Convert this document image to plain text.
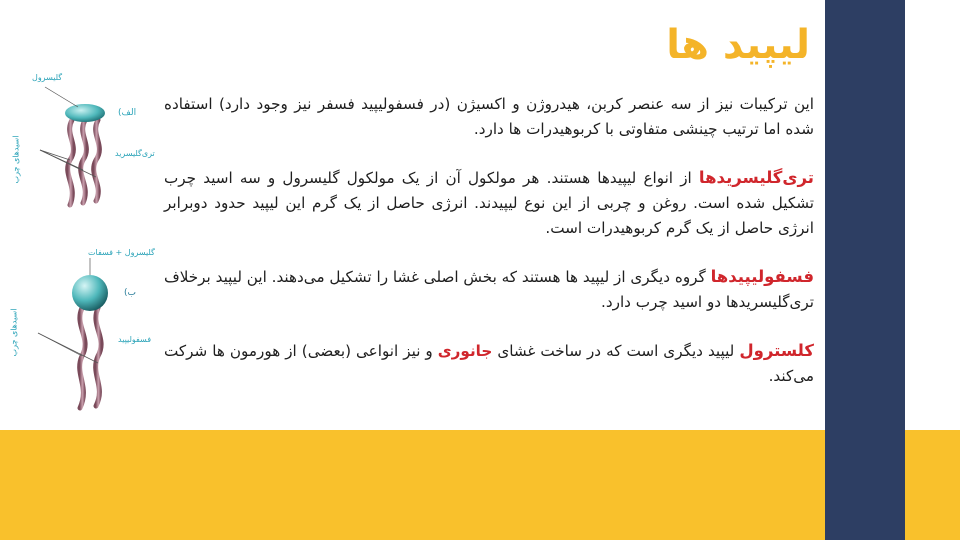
لیپید ها

این ترکیبات نیز از سه عنصر کربن، هیدروژن و اکسیژن (در فسفولیپید فسفر نیز وجود دارد) استفاده شده اما ترتیب چینشی متفاوتی با کربوهیدرات ها دارد.

تری‌گلیسریدها از انواع لیپیدها هستند. هر مولکول آن از یک مولکول گلیسرول و سه اسید چرب تشکیل شده است. روغن و چربی از این نوع لیپیدند. انرژی حاصل از یک گرم این لیپید حدود دوبرابر انرژی حاصل از یک گرم کربوهیدرات است.

فسفولیپیدها گروه دیگری از لیپید ها هستند که بخش اصلی غشا را تشکیل می‌دهند. این لیپید برخلاف تری‌گلیسریدها دو اسید چرب دارد.

کلسترول لیپید دیگری است که در ساخت غشای جانوری و نیز انواعی (بعضی) از هورمون ها شرکت می‌کند.

گلیسرول
الف)
تری‌گلیسرید
اسیدهای چرب
گلیسرول + فسفات
ب)
فسفولیپید
اسیدهای چرب
